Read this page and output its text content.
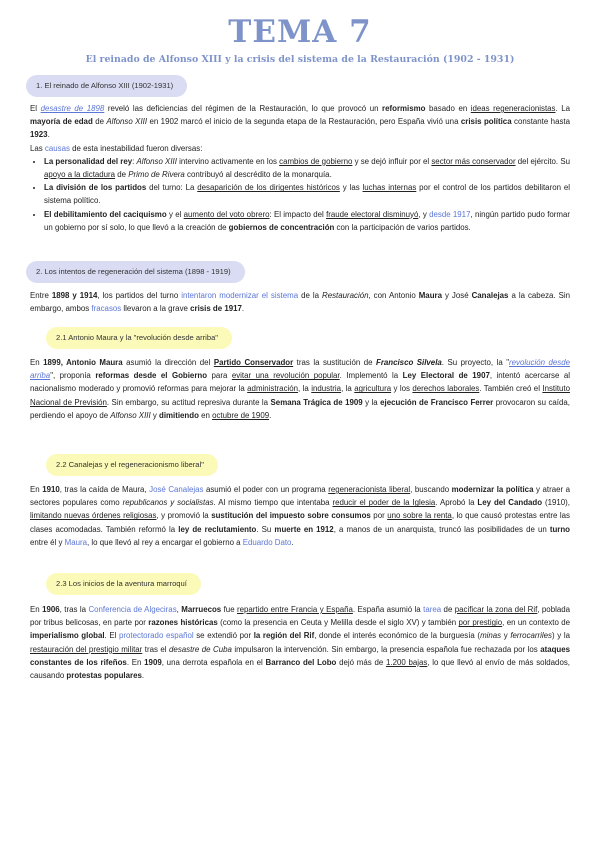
TEMA 7
El reinado de Alfonso XIII y la crisis del sistema de la Restauración (1902 - 1931)
1. El reinado de Alfonso XIII (1902-1931)
El desastre de 1898 reveló las deficiencias del régimen de la Restauración, lo que provocó un reformismo basado en ideas regeneracionistas. La mayoría de edad de Alfonso XIII en 1902 marcó el inicio de la segunda etapa de la Restauración, pero España vivió una crisis política constante hasta 1923.
Las causas de esta inestabilidad fueron diversas:
• La personalidad del rey: Alfonso XIII intervino activamente en los cambios de gobierno y se dejó influir por el sector más conservador del ejército. Su apoyo a la dictadura de Primo de Rivera contribuyó al descrédito de la monarquía.
• La división de los partidos del turno: La desaparición de los dirigentes históricos y las luchas internas por el control de los partidos debilitaron el sistema político.
• El debilitamiento del caciquismo y el aumento del voto obrero: El impacto del fraude electoral disminuyó, y desde 1917, ningún partido pudo formar un gobierno por sí solo, lo que llevó a la creación de gobiernos de concentración con la participación de varios partidos.
2. Los intentos de regeneración del sistema (1898 - 1919)
Entre 1898 y 1914, los partidos del turno intentaron modernizar el sistema de la Restauración, con Antonio Maura y José Canalejas a la cabeza. Sin embargo, ambos fracasos llevaron a la grave crisis de 1917.
2.1 Antonio Maura y la "revolución desde arriba"
En 1899, Antonio Maura asumió la dirección del Partido Conservador tras la sustitución de Francisco Silvela. Su proyecto, la "revolución desde arriba", proponía reformas desde el Gobierno para evitar una revolución popular. Implementó la Ley Electoral de 1907, intentó acercarse al nacionalismo moderado y promovió reformas para mejorar la administración, la industria, la agricultura y los derechos laborales. También creó el Instituto Nacional de Previsión. Sin embargo, su actitud represiva durante la Semana Trágica de 1909 y la ejecución de Francisco Ferrer provocaron su caída, perdiendo el apoyo de Alfonso XIII y dimitiendo en octubre de 1909.
2.2 Canalejas y el regeneracionismo liberal"
En 1910, tras la caída de Maura, José Canalejas asumió el poder con un programa regeneracionista liberal, buscando modernizar la política y atraer a sectores populares como republicanos y socialistas. Al mismo tiempo que intentaba reducir el poder de la Iglesia. Aprobó la Ley del Candado (1910), limitando nuevas órdenes religiosas, y promovió la sustitución del impuesto sobre consumos por uno sobre la renta, lo que causó protestas entre las clases acomodadas. También reformó la ley de reclutamiento. Su muerte en 1912, a manos de un anarquista, truncó las posibilidades de un turno entre él y Maura, lo que llevó al rey a encargar el gobierno a Eduardo Dato.
2.3 Los inicios de la aventura marroquí
En 1906, tras la Conferencia de Algeciras, Marruecos fue repartido entre Francia y España. España asumió la tarea de pacificar la zona del Rif, poblada por tribus belicosas, en parte por razones históricas (como la presencia en Ceuta y Melilla desde el siglo XV) y también por prestigio, en un contexto de imperialismo global. El protectorado español se extendió por la región del Rif, donde el interés económico de la burguesía (minas y ferrocarriles) y la restauración del prestigio militar tras el desastre de Cuba impulsaron la intervención. Sin embargo, la presencia española fue rechazada por los ataques constantes de los rifeños. En 1909, una derrota española en el Barranco del Lobo dejó más de 1.200 bajas, lo que llevó al envío de más soldados, causando protestas populares.
